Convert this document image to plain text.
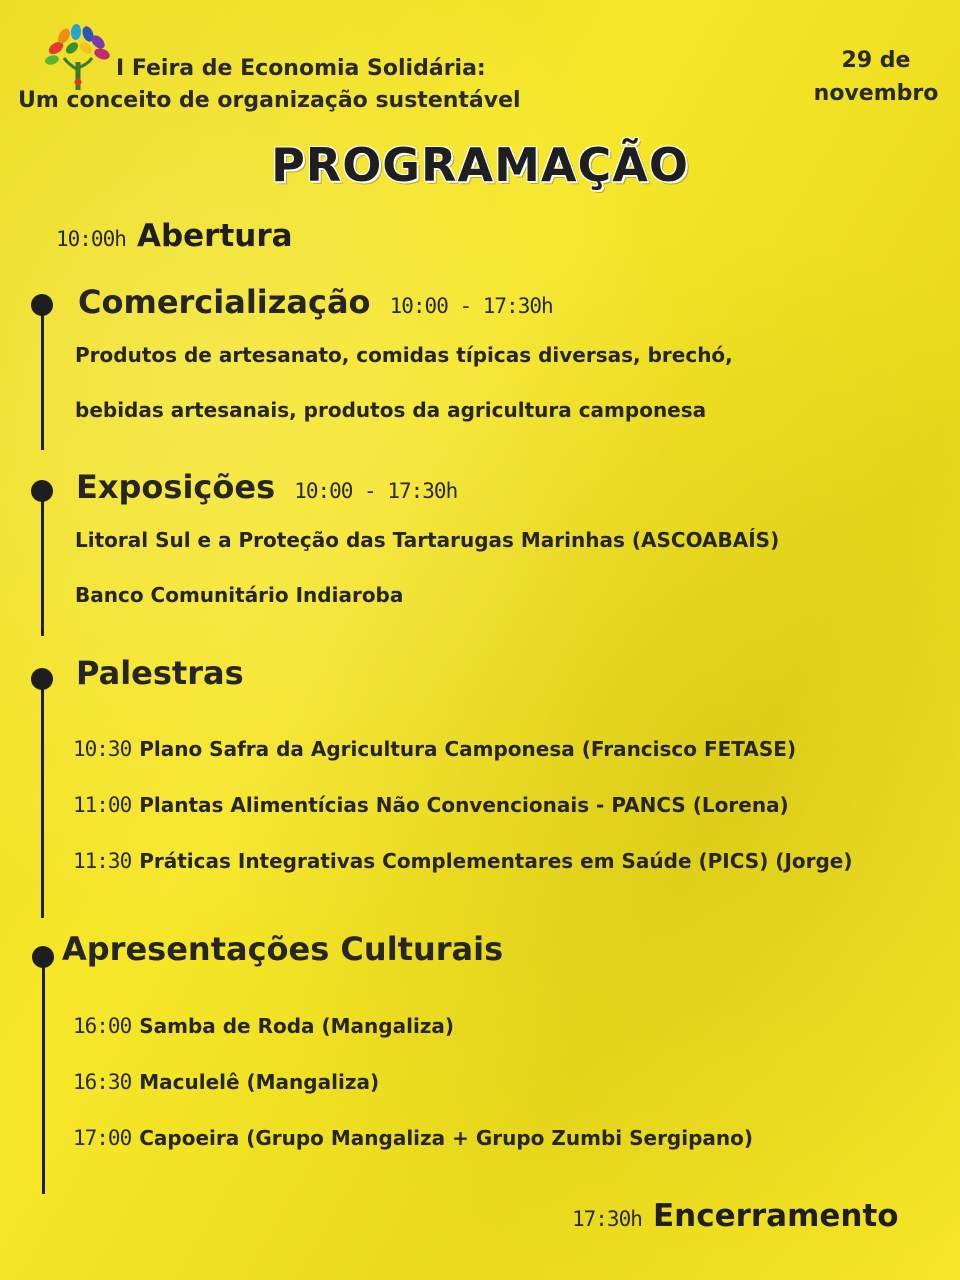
I Feira de Economia Solidária:
Um conceito de organização sustentável
29 de
novembro
PROGRAMAÇÃO
10:00h Abertura
Comercialização 10:00 - 17:30h
Produtos de artesanato, comidas típicas diversas, brechó,
bebidas artesanais, produtos da agricultura camponesa
Exposições 10:00 - 17:30h
Litoral Sul e a Proteção das Tartarugas Marinhas (ASCOABAÍS)
Banco Comunitário Indiaroba
Palestras
10:30 Plano Safra da Agricultura Camponesa (Francisco FETASE)
11:00 Plantas Alimentícias Não Convencionais - PANCS (Lorena)
11:30 Práticas Integrativas Complementares em Saúde (PICS) (Jorge)
Apresentações Culturais
16:00 Samba de Roda (Mangaliza)
16:30 Maculelê (Mangaliza)
17:00 Capoeira (Grupo Mangaliza + Grupo Zumbi Sergipano)
17:30h Encerramento
